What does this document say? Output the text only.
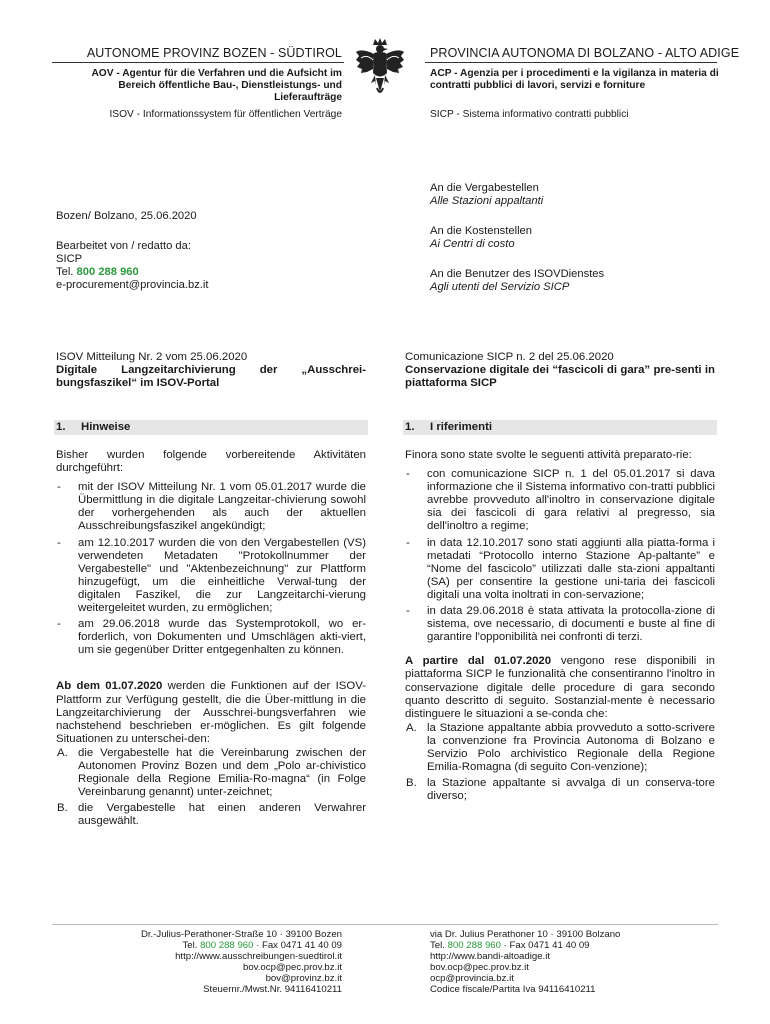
AUTONOME PROVINZ BOZEN - SÜDTIROL
AOV - Agentur für die Verfahren und die Aufsicht im Bereich öffentliche Bau-, Dienstleistungs- und Lieferaufträge
ISOV - Informationssystem für öffentlichen Verträge
PROVINCIA AUTONOMA DI BOLZANO - ALTO ADIGE
ACP - Agenzia per i procedimenti e la vigilanza in materia di contratti pubblici di lavori, servizi e forniture
SICP - Sistema informativo contratti pubblici
An die Vergabestellen
Alle Stazioni appaltanti
An die Kostenstellen
Ai Centri di costo
An die Benutzer des ISOVDienstes
Agli utenti del Servizio SICP
Bozen/ Bolzano, 25.06.2020
Bearbeitet von / redatto da:
SICP
Tel. 800 288 960
e-procurement@provincia.bz.it
ISOV Mitteilung Nr. 2 vom 25.06.2020
Digitale Langzeitarchivierung der „Ausschrei-bungsfaszikel“ im ISOV-Portal
Comunicazione SICP n. 2 del 25.06.2020
Conservazione digitale dei “fascicoli di gara” pre-senti in piattaforma SICP
1. Hinweise	1. I riferimenti
Bisher wurden folgende vorbereitende Aktivitäten durchgeführt:
- mit der ISOV Mitteilung Nr. 1 vom 05.01.2017 wurde die Übermittlung in die digitale Langzeitar-chivierung sowohl der vorhergehenden als auch der aktuellen Ausschreibungsfaszikel angekündigt;
- am 12.10.2017 wurden die von den Vergabestellen (VS) verwendeten Metadaten "Protokollnummer der Vergabestelle" und "Aktenbezeichnung" zur Plattform hinzugefügt, um die einheitliche Verwal-tung der digitalen Faszikel, die zur Langzeitarchi-vierung weitergeleitet wurden, zu ermöglichen;
- am 29.06.2018 wurde das Systemprotokoll, wo er-forderlich, von Dokumenten und Umschlägen akti-viert, um sie gegenüber Dritter entgegenhalten zu können.
Ab dem 01.07.2020 werden die Funktionen auf der ISOV-Plattform zur Verfügung gestellt, die die Über-mittlung in die Langzeitarchivierung der Ausschrei-bungsverfahren wie nachstehend beschrieben er-möglichen. Es gilt folgende Situationen zu unterschei-den:
A. die Vergabestelle hat die Vereinbarung zwischen der Autonomen Provinz Bozen und dem „Polo ar-chivistico Regionale della Regione Emilia-Ro-magna“ (in Folge Vereinbarung genannt) unter-zeichnet;
B. die Vergabestelle hat einen anderen Verwahrer ausgewählt.
Finora sono state svolte le seguenti attività preparato-rie:
- con comunicazione SICP n. 1 del 05.01.2017 si dava informazione che il Sistema informativo con-tratti pubblici avrebbe provveduto all'inoltro in conservazione digitale sia dei fascicoli di gara relativi al pregresso, sia dell'inoltro a regime;
- in data 12.10.2017 sono stati aggiunti alla piatta-forma i metadati “Protocollo interno Stazione Ap-paltante” e “Nome del fascicolo” utilizzati dalle sta-zioni appaltanti (SA) per consentire la gestione uni-taria dei fascicoli digitali una volta inoltrati in con-servazione;
- in data 29.06.2018 è stata attivata la protocolla-zione di sistema, ove necessario, di documenti e buste al fine di garantire l'opponibilità nei confronti di terzi.
A partire dal 01.07.2020 vengono rese disponibili in piattaforma SICP le funzionalità che consentiranno l'inoltro in conservazione digitale delle procedure di gara secondo quanto descritto di seguito. Sostanzial-mente è necessario distinguere le situazioni a se-conda che:
A. la Stazione appaltante abbia provveduto a sotto-scrivere la convenzione fra Provincia Autonoma di Bolzano e Servizio Polo archivistico Regionale della Regione Emilia-Romagna (di seguito Con-venzione);
B. la Stazione appaltante si avvalga di un conserva-tore diverso;
Dr.-Julius-Perathoner-Straße 10 · 39100 Bozen
Tel. 800 288 960 · Fax 0471 41 40 09
http://www.ausschreibungen-suedtirol.it
bov.ocp@pec.prov.bz.it
bov@provinz.bz.it
Steuernr./Mwst.Nr. 94116410211
via Dr. Julius Perathoner 10 · 39100 Bolzano
Tel. 800 288 960 · Fax 0471 41 40 09
http://www.bandi-altoadige.it
bov.ocp@pec.prov.bz.it
ocp@provincia.bz.it
Codice fiscale/Partita Iva 94116410211
